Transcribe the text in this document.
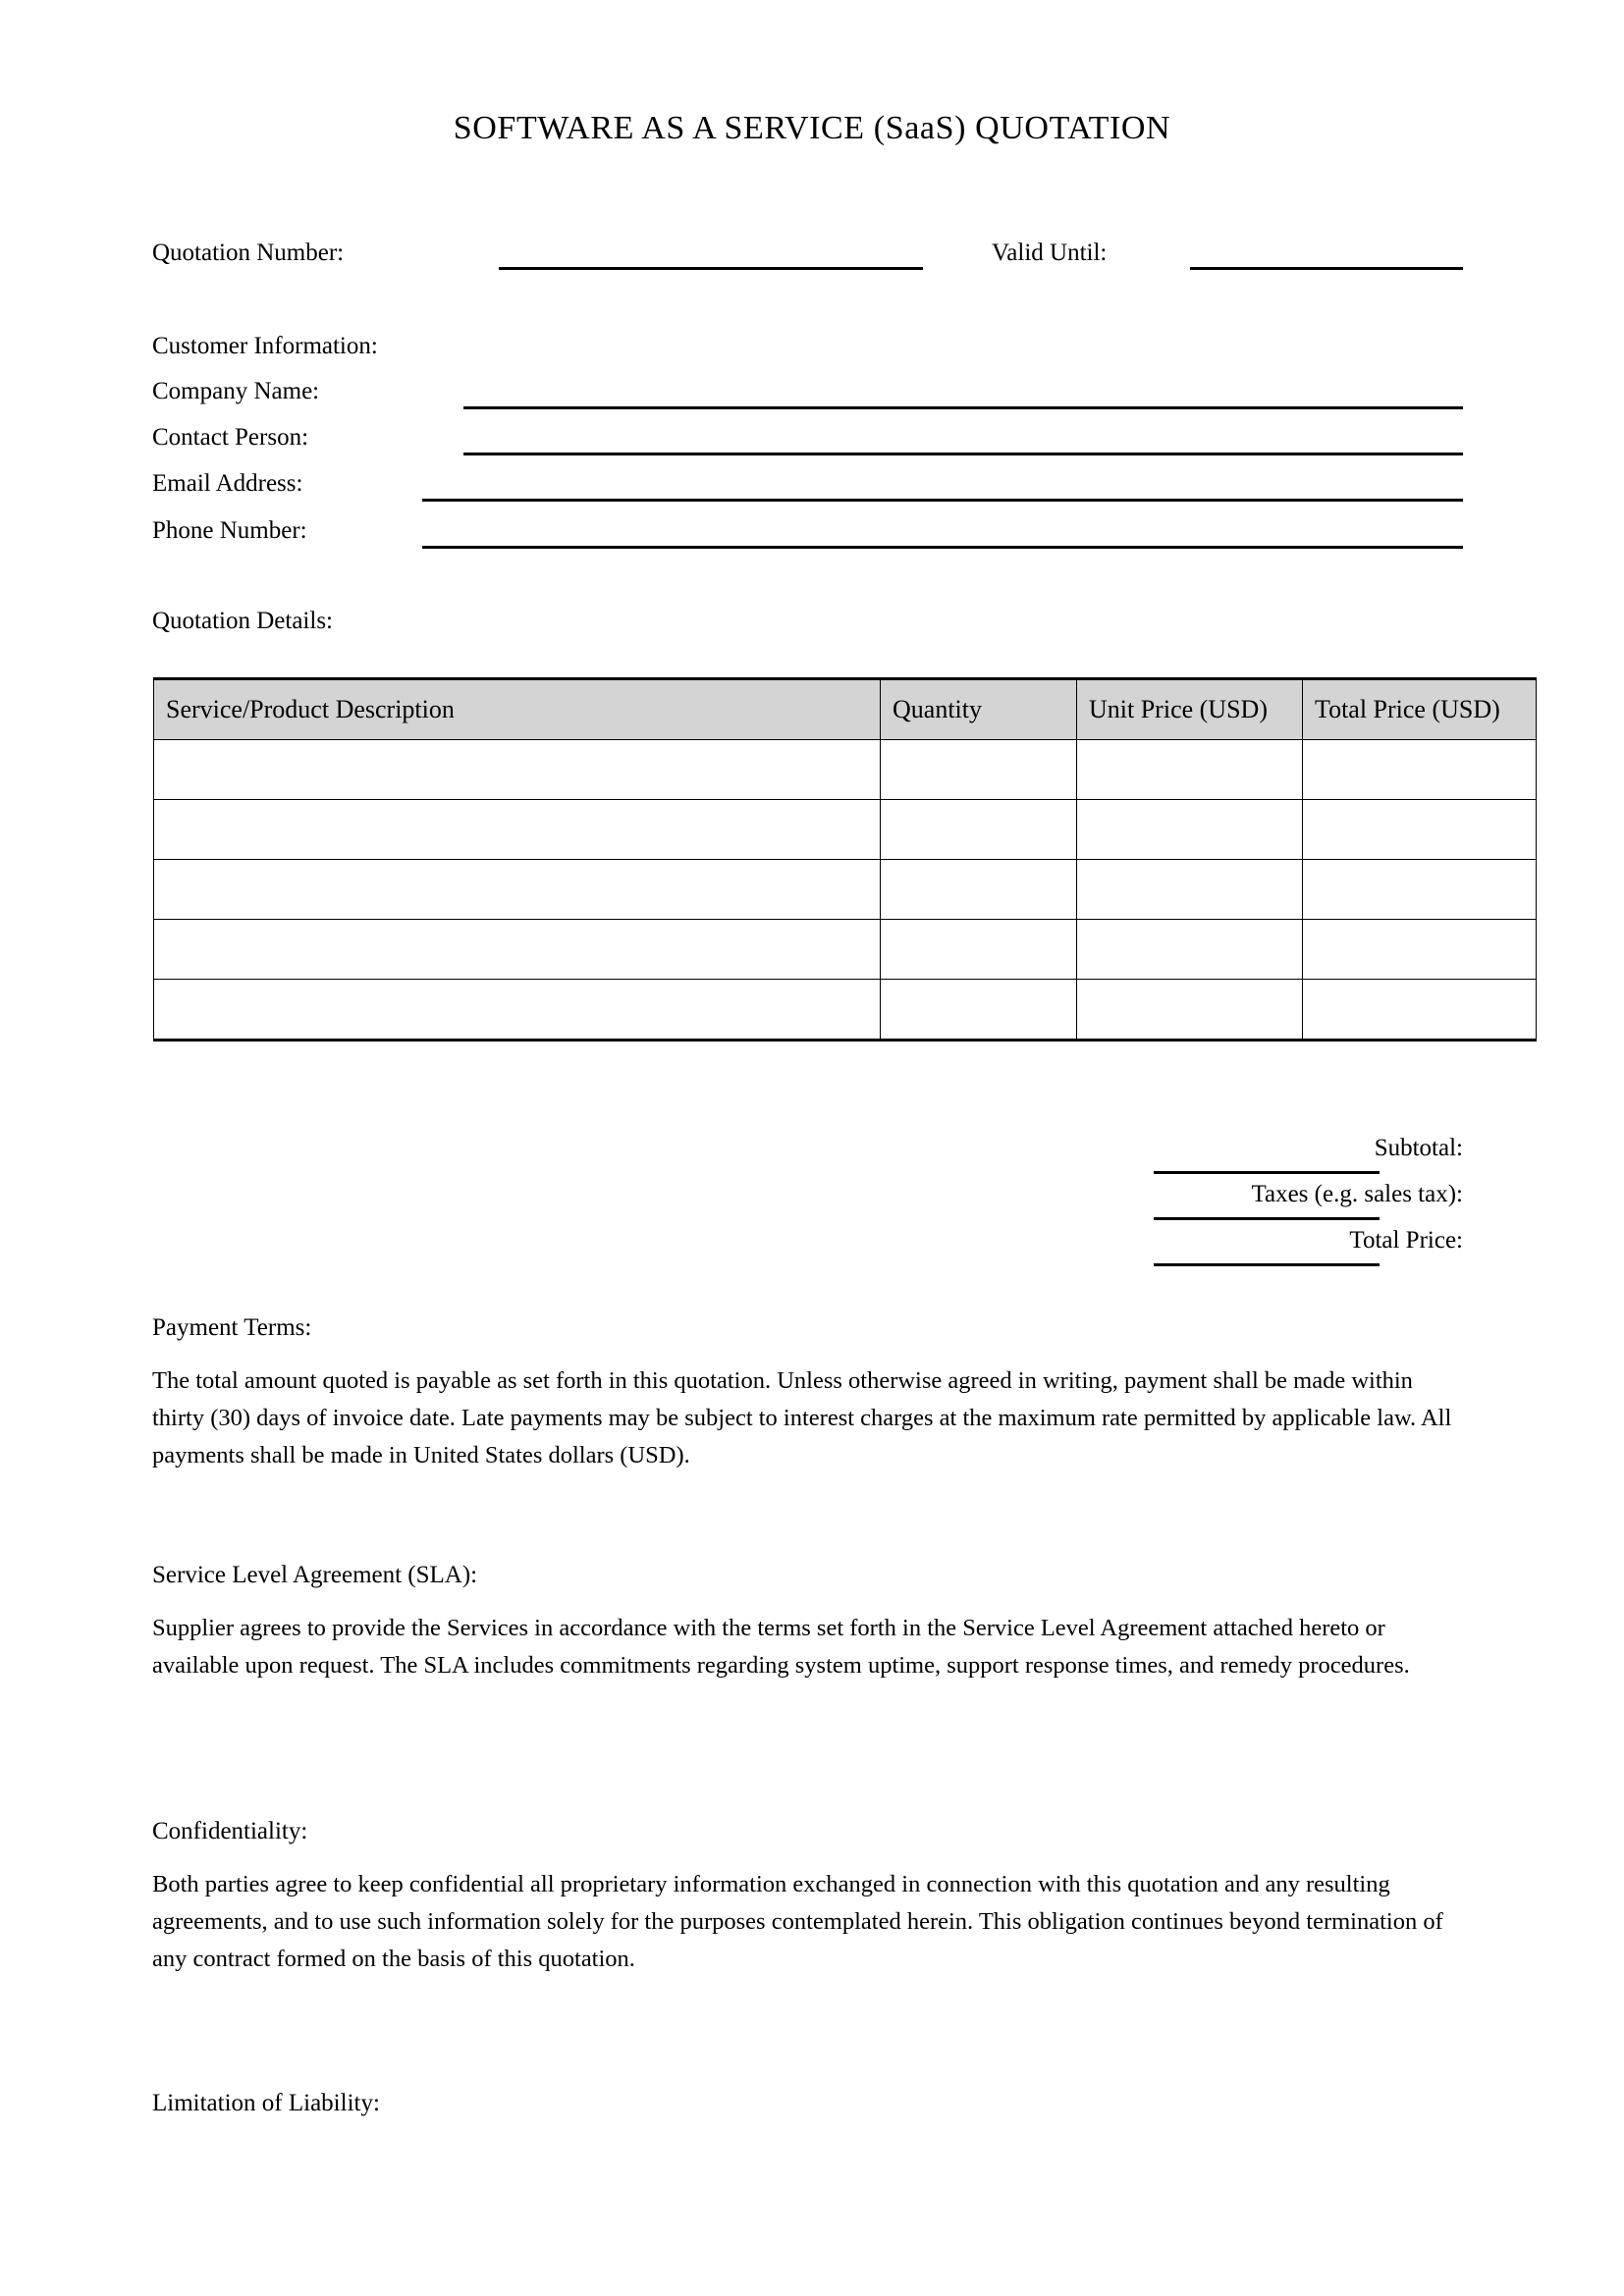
SOFTWARE AS A SERVICE (SaaS) QUOTATION
Quotation Number:	Valid Until:
Customer Information:
Company Name:
Contact Person:
Email Address:
Phone Number:
Quotation Details:
Service/Product Description	Quantity	Unit Price (USD)	Total Price (USD)

Subtotal:
Taxes (e.g. sales tax):
Total Price:
Payment Terms:
The total amount quoted is payable as set forth in this quotation. Unless otherwise agreed in writing, payment shall be made within thirty (30) days of invoice date. Late payments may be subject to interest charges at the maximum rate permitted by applicable law. All payments shall be made in United States dollars (USD).
Service Level Agreement (SLA):
Supplier agrees to provide the Services in accordance with the terms set forth in the Service Level Agreement attached hereto or available upon request. The SLA includes commitments regarding system uptime, support response times, and remedy procedures.
Confidentiality:
Both parties agree to keep confidential all proprietary information exchanged in connection with this quotation and any resulting agreements, and to use such information solely for the purposes contemplated herein. This obligation continues beyond termination of any contract formed on the basis of this quotation.
Limitation of Liability:
